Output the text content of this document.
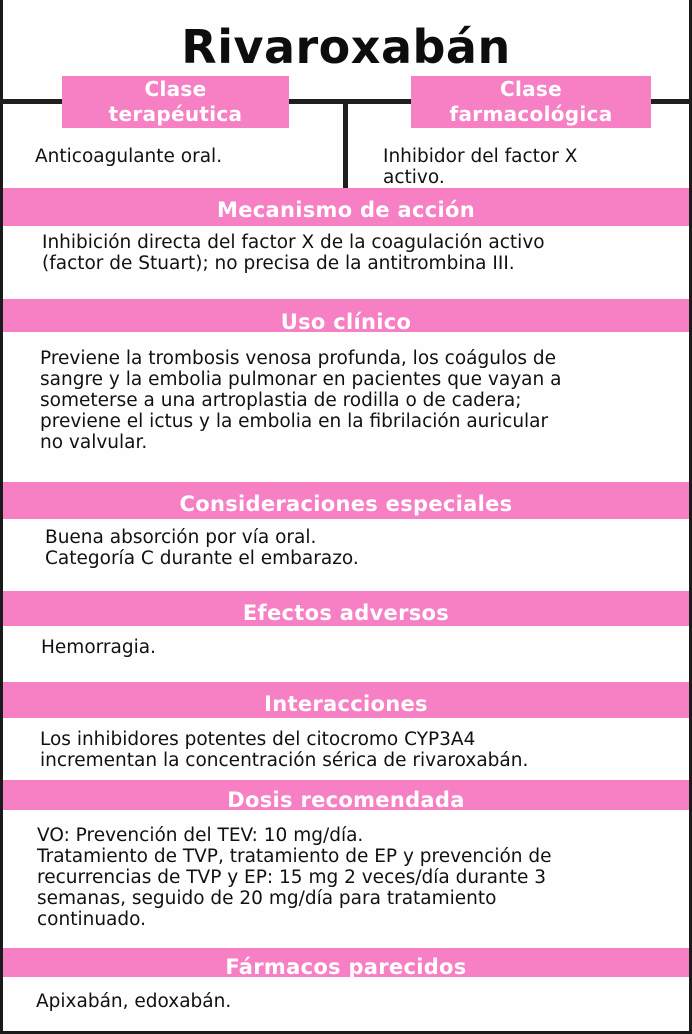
Rivaroxabán
Clase
terapéutica
Clase
farmacológica
Anticoagulante oral.	Inhibidor del factor X
activo.
Mecanismo de acción
Inhibición directa del factor X de la coagulación activo
(factor de Stuart); no precisa de la antitrombina III.
Uso clínico
Previene la trombosis venosa profunda, los coágulos de
sangre y la embolia pulmonar en pacientes que vayan a
someterse a una artroplastia de rodilla o de cadera;
previene el ictus y la embolia en la fibrilación auricular
no valvular.
Consideraciones especiales
Buena absorción por vía oral.
Categoría C durante el embarazo.
Efectos adversos
Hemorragia.
Interacciones
Los inhibidores potentes del citocromo CYP3A4
incrementan la concentración sérica de rivaroxabán.
Dosis recomendada
VO: Prevención del TEV: 10 mg/día.
Tratamiento de TVP, tratamiento de EP y prevención de
recurrencias de TVP y EP: 15 mg 2 veces/día durante 3
semanas, seguido de 20 mg/día para tratamiento
continuado.
Fármacos parecidos
Apixabán, edoxabán.
